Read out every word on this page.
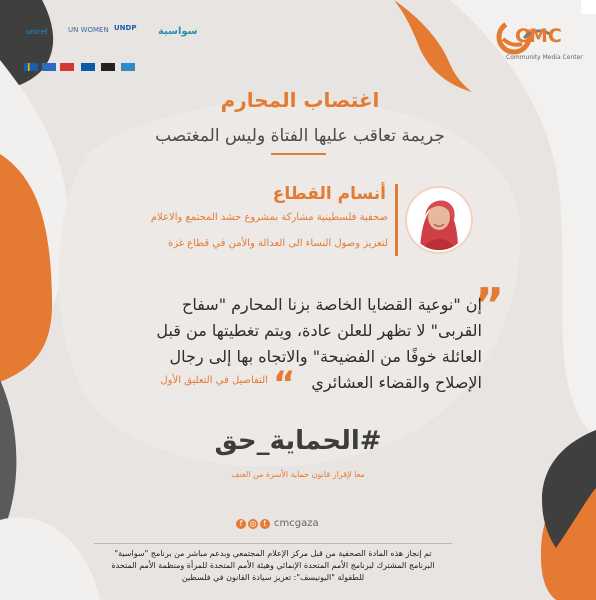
سواسية
UNDP
UN WOMEN
unicef	CMC
Community Media Center
اغتصاب المحارم
جريمة تعاقب عليها الفتاة وليس المغتصب
أنسام القطاع
صحفية فلسطينية مشاركة بمشروع حشد المجتمع والاعلام
لتعزيز وصول النساء الى العدالة والأمن في قطاع غزة
”
إن "نوعية القضايا الخاصة بزنا المحارم "سفاح
القربى" لا تظهر للعلن عادة، ويتم تغطيتها من قبل
العائلة خوفًا من الفضيحة" والاتجاه بها إلى رجال
الإصلاح والقضاء العشائري
“
التفاصيل في التعليق الأول
#الحماية_حق
معا لإقرار قانون حماية الأسرة من العنف
f ◎ t cmcgaza

تم إنجاز هذه المادة الصحفية من قبل مركز الإعلام المجتمعي وبدعم مباشر من برنامج "سواسية"

البرنامج المشترك لبرنامج الأمم المتحدة الإنمائي وهيئة الأمم المتحدة للمرأة ومنظمة الأمم المتحدة

للطفولة "اليونيسف": تعزيز سيادة القانون في فلسطين
